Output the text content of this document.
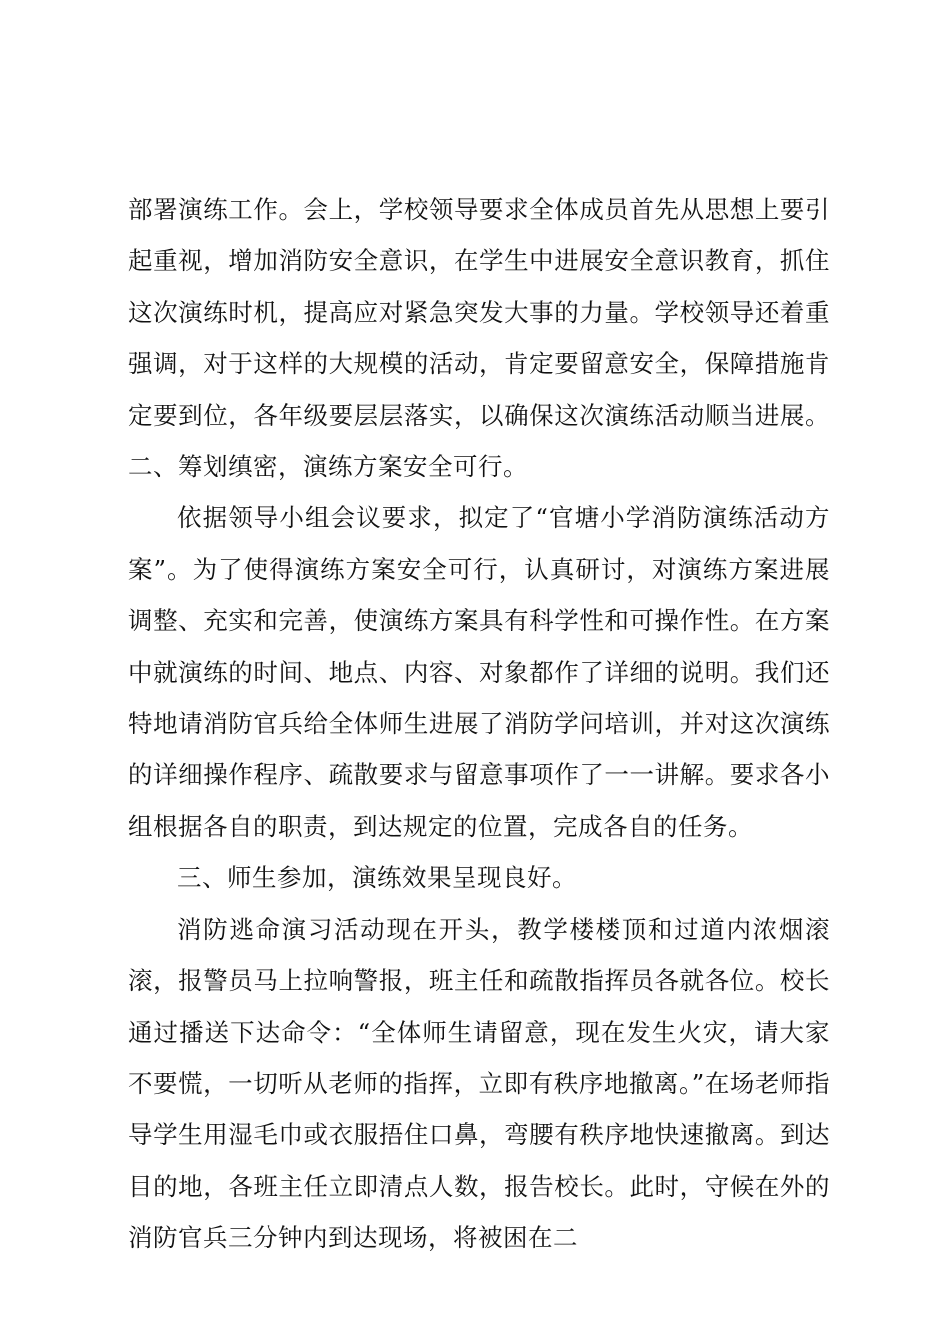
部署演练工作。会上，学校领导要求全体成员首先从思想上要引起重视，增加消防安全意识，在学生中进展安全意识教育，抓住这次演练时机，提高应对紧急突发大事的力量。学校领导还着重强调，对于这样的大规模的活动，肯定要留意安全，保障措施肯定要到位，各年级要层层落实，以确保这次演练活动顺当进展。二、筹划缜密，演练方案安全可行。

依据领导小组会议要求，拟定了“官塘小学消防演练活动方案”。为了使得演练方案安全可行，认真研讨，对演练方案进展调整、充实和完善，使演练方案具有科学性和可操作性。在方案中就演练的时间、地点、内容、对象都作了详细的说明。我们还特地请消防官兵给全体师生进展了消防学问培训，并对这次演练的详细操作程序、疏散要求与留意事项作了一一讲解。要求各小组根据各自的职责，到达规定的位置，完成各自的任务。

三、师生参加，演练效果呈现良好。

消防逃命演习活动现在开头，教学楼楼顶和过道内浓烟滚滚，报警员马上拉响警报，班主任和疏散指挥员各就各位。校长通过播送下达命令：“全体师生请留意，现在发生火灾，请大家不要慌，一切听从老师的指挥，立即有秩序地撤离。”在场老师指导学生用湿毛巾或衣服捂住口鼻，弯腰有秩序地快速撤离。到达目的地，各班主任立即清点人数，报告校长。此时，守候在外的消防官兵三分钟内到达现场，将被困在二
